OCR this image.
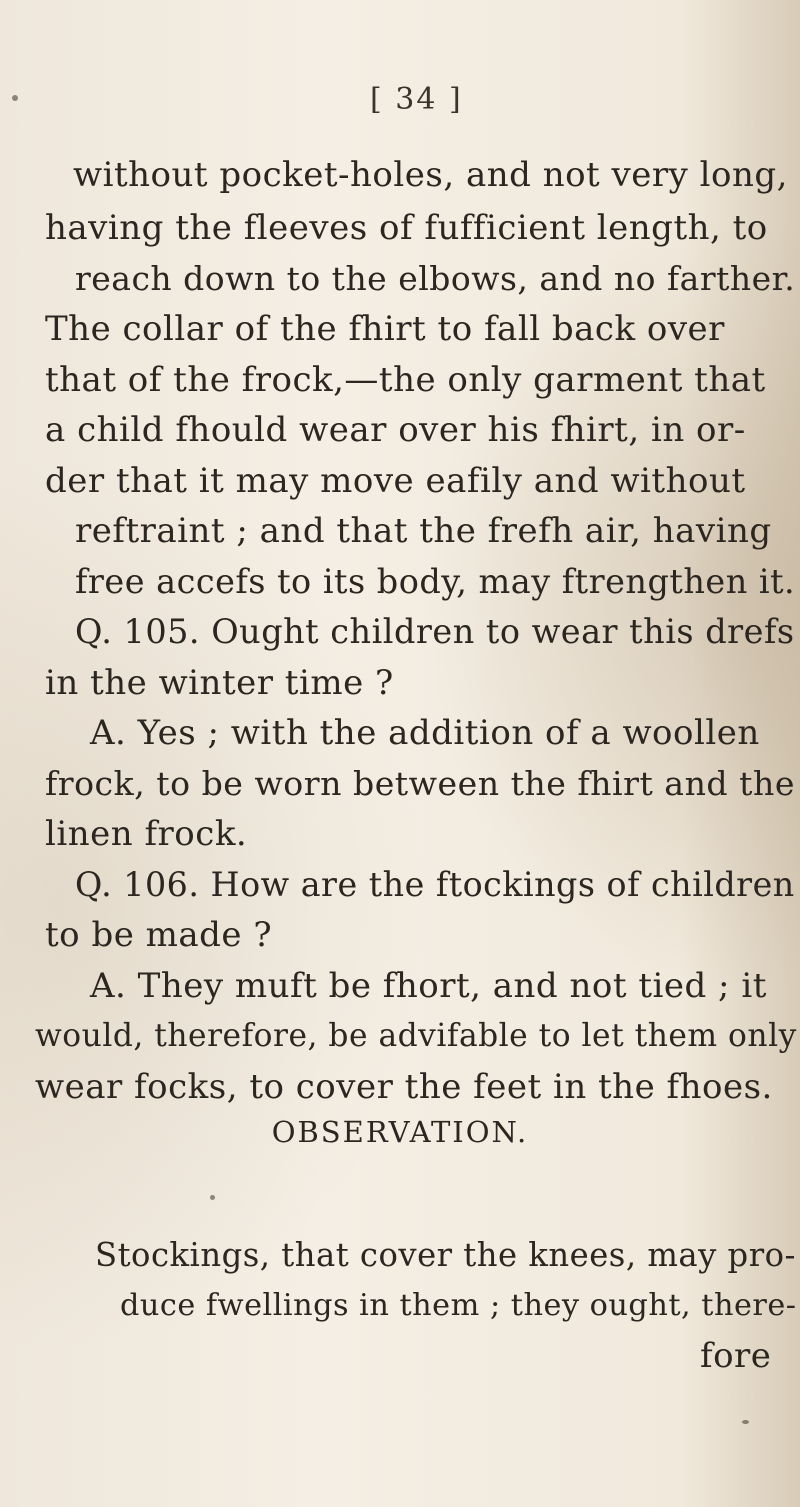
[ 34 ]
without pocket-holes, and not very long,
having the fleeves of fufficient length, to
reach down to the elbows, and no farther.
The collar of the fhirt to fall back over
that of the frock,—the only garment that
a child fhould wear over his fhirt, in or-
der that it may move eafily and without
reftraint ; and that the frefh air, having
free accefs to its body, may ftrengthen it.
Q. 105. Ought children to wear this drefs
in the winter time ?
A. Yes ; with the addition of a woollen
frock, to be worn between the fhirt and the
linen frock.
Q. 106. How are the ftockings of children
to be made ?
A. They muft be fhort, and not tied ; it
would, therefore, be advifable to let them only
wear focks, to cover the feet in the fhoes.
OBSERVATION.
Stockings, that cover the knees, may pro-
duce fwellings in them ; they ought, there-
fore
